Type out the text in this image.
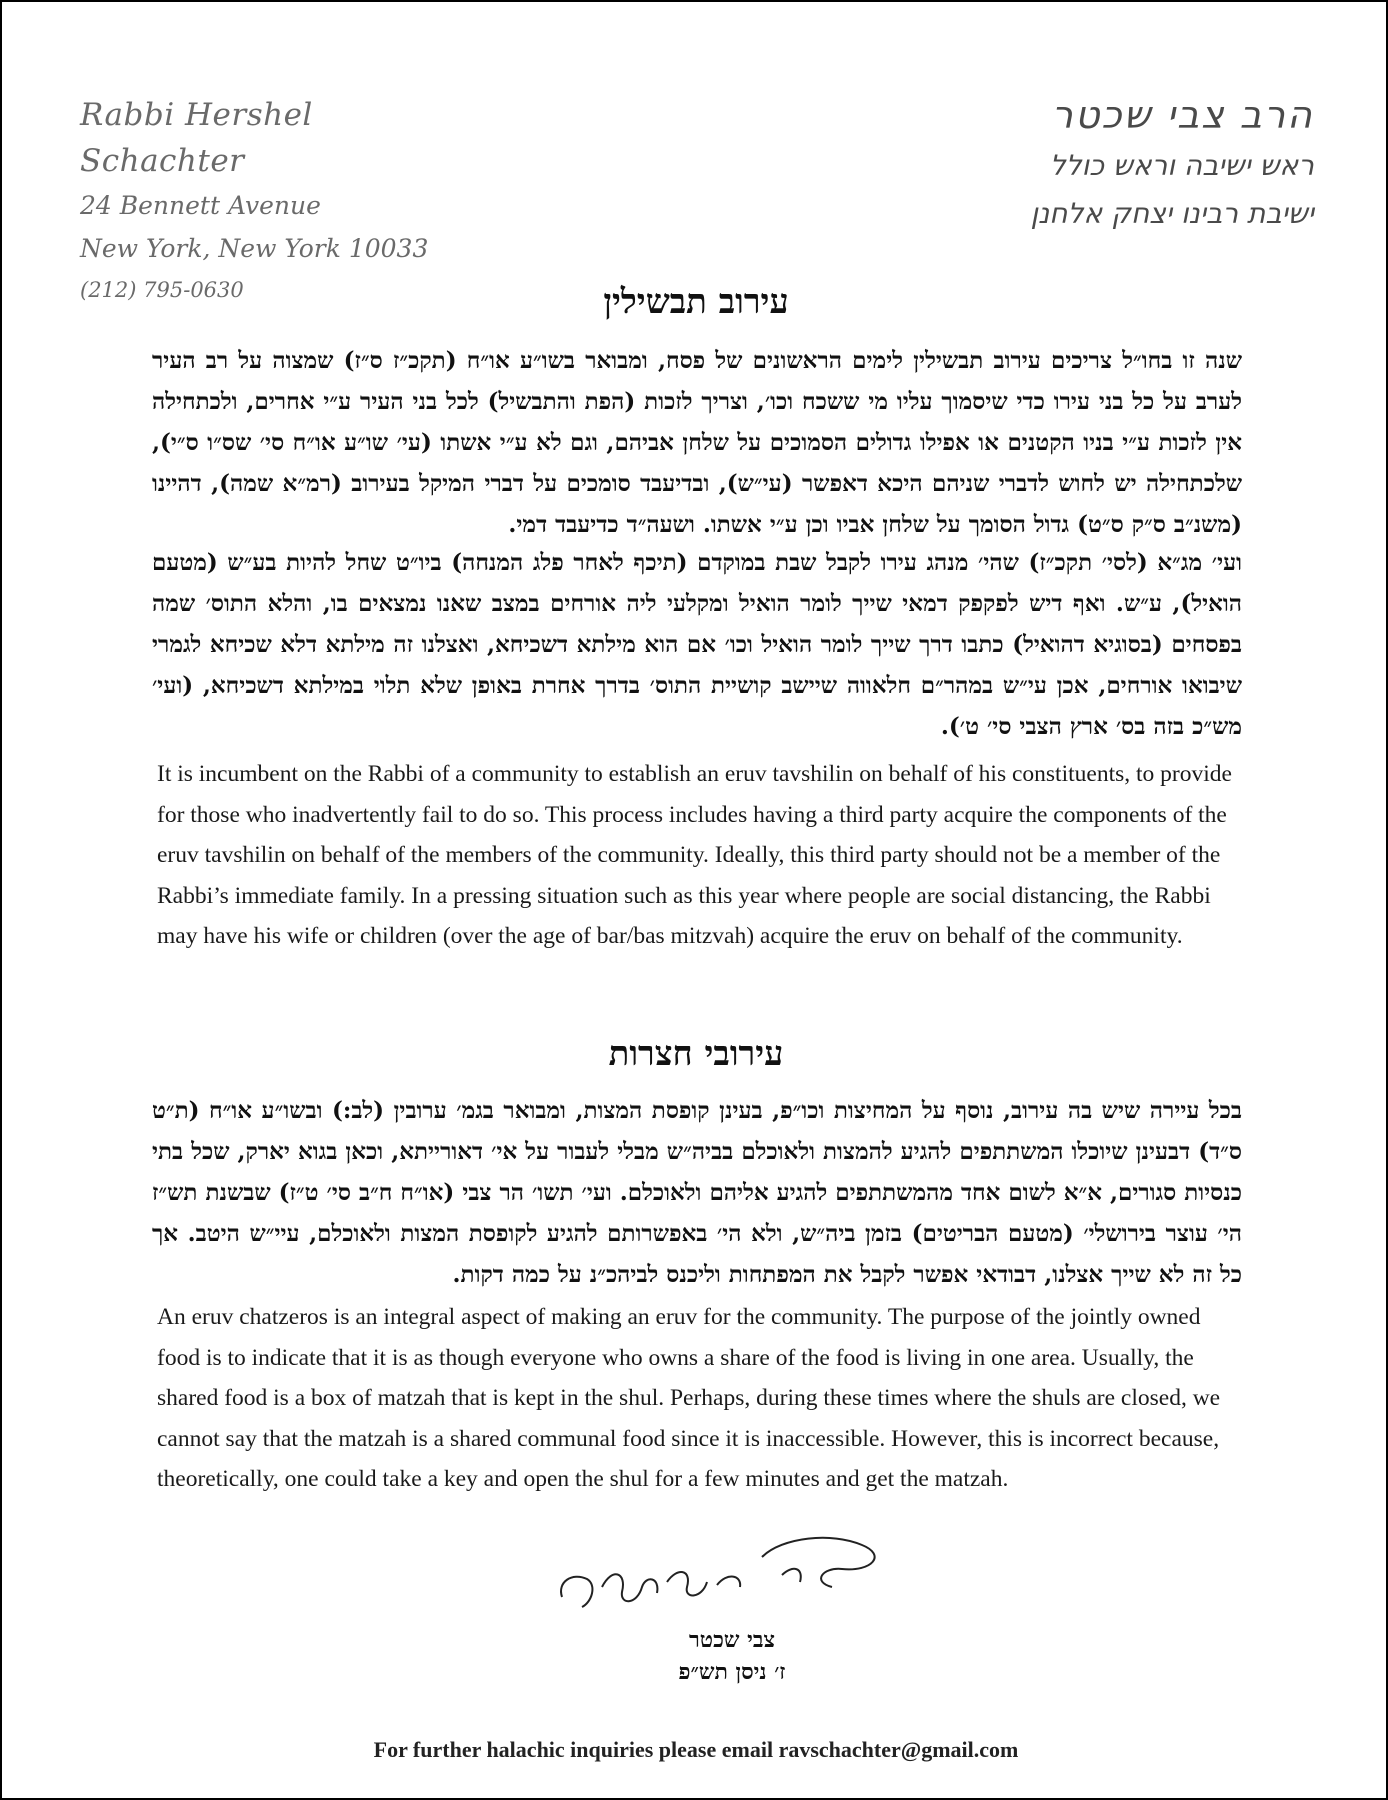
Rabbi Hershel Schachter
24 Bennett Avenue
New York, New York 10033
(212) 795-0630
הרב צבי שכטר
ראש ישיבה וראש כולל
ישיבת רבינו יצחק אלחנן
עירוב תבשילין

שנה זו בחו״ל צריכים עירוב תבשילין לימים הראשונים של פסח, ומבואר בשו״ע או״ח (תקכ״ז ס״ז) שמצוה על רב העיר לערב על כל בני עירו כדי שיסמוך עליו מי ששכח וכו׳, וצריך לזכות (הפת והתבשיל) לכל בני העיר ע״י אחרים, ולכתחילה אין לזכות ע״י בניו הקטנים או אפילו גדולים הסמוכים על שלחן אביהם, וגם לא ע״י אשתו (עי׳ שו״ע או״ח סי׳ שס״ו ס״י), שלכתחילה יש לחוש לדברי שניהם היכא דאפשר (עי״ש), ובדיעבד סומכים על דברי המיקל בעירוב (רמ״א שמה), דהיינו (משנ״ב ס״ק ס״ט) גדול הסומך על שלחן אביו וכן ע״י אשתו. ושעה״ד כדיעבד דמי.

ועי׳ מג״א (לסי׳ תקכ״ז) שהי׳ מנהג עירו לקבל שבת במוקדם (תיכף לאחר פלג המנחה) ביו״ט שחל להיות בע״ש (מטעם הואיל), ע״ש. ואף דיש לפקפק דמאי שייך לומר הואיל ומקלעי ליה אורחים במצב שאנו נמצאים בו, והלא התוס׳ שמה בפסחים (בסוגיא דהואיל) כתבו דרך שייך לומר הואיל וכו׳ אם הוא מילתא דשכיחא, ואצלנו זה מילתא דלא שכיחא לגמרי שיבואו אורחים, אכן עי״ש במהר״ם חלאווה שיישב קושיית התוס׳ בדרך אחרת באופן שלא תלוי במילתא דשכיחא, (ועי׳ מש״כ בזה בס׳ ארץ הצבי סי׳ ט׳).

It is incumbent on the Rabbi of a community to establish an eruv tavshilin on behalf of his constituents, to provide for those who inadvertently fail to do so. This process includes having a third party acquire the components of the eruv tavshilin on behalf of the members of the community. Ideally, this third party should not be a member of the Rabbi’s immediate family. In a pressing situation such as this year where people are social distancing, the Rabbi may have his wife or children (over the age of bar/bas mitzvah) acquire the eruv on behalf of the community.

עירובי חצרות

בכל עיירה שיש בה עירוב, נוסף על המחיצות וכו״פ, בעינן קופסת המצות, ומבואר בגמ׳ ערובין (לב:) ובשו״ע או״ח (ת״ט ס״ד) דבעינן שיוכלו המשתתפים להגיע להמצות ולאוכלם בביה״ש מבלי לעבור על אי׳ דאורייתא, וכאן בגוא יארק, שכל בתי כנסיות סגורים, א״א לשום אחד מהמשתתפים להגיע אליהם ולאוכלם. ועי׳ תשו׳ הר צבי (או״ח ח״ב סי׳ ט״ז) שבשנת תש״ז הי׳ עוצר בירושלי׳ (מטעם הבריטים) בזמן ביה״ש, ולא הי׳ באפשרותם להגיע לקופסת המצות ולאוכלם, עיי״ש היטב. אך כל זה לא שייך אצלנו, דבודאי אפשר לקבל את המפתחות וליכנס לביהכ״נ על כמה דקות.

An eruv chatzeros is an integral aspect of making an eruv for the community. The purpose of the jointly owned food is to indicate that it is as though everyone who owns a share of the food is living in one area. Usually, the shared food is a box of matzah that is kept in the shul. Perhaps, during these times where the shuls are closed, we cannot say that the matzah is a shared communal food since it is inaccessible. However, this is incorrect because, theoretically, one could take a key and open the shul for a few minutes and get the matzah.

צבי שכטר
ז׳ ניסן תש״פ
For further halachic inquiries please email ravschachter@gmail.com
